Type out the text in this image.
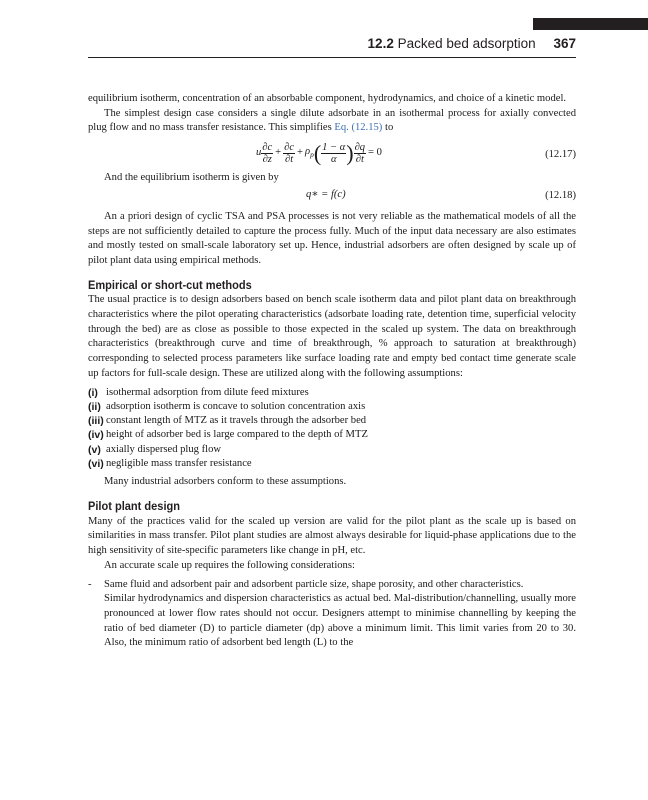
12.2 Packed bed adsorption 367

equilibrium isotherm, concentration of an absorbable component, hydrodynamics, and choice of a kinetic model.

The simplest design case considers a single dilute adsorbate in an isothermal process for axially convected plug flow and no mass transfer resistance. This simplifies Eq. (12.15) to

u $\frac{\partial c}{\partial z} + \frac{\partial c}{\partial t} + \rho_p( \frac{1 - \alpha}{\alpha}$ ) $\frac{\partial q}{\partial t} = 0$	(12.17)

And the equilibrium isotherm is given by

q∗ = f(c)	(12.18)

An a priori design of cyclic TSA and PSA processes is not very reliable as the mathematical models of all the steps are not sufficiently detailed to capture the process fully. Much of the input data necessary are also estimates and mostly tested on small-scale laboratory set up. Hence, industrial adsorbers are often designed by scale up of pilot plant data using empirical methods.

Empirical or short-cut methods

The usual practice is to design adsorbers based on bench scale isotherm data and pilot plant data on breakthrough characteristics where the pilot operating characteristics (adsorbate loading rate, detention time, superficial velocity through the bed) are as close as possible to those expected in the scaled up system. The data on breakthrough characteristics (breakthrough curve and time of breakthrough, % approach to saturation at breakthrough) corresponding to selected process parameters like surface loading rate and empty bed contact time generate scale up factors for full-scale design. These are utilized along with the following assumptions:

(i) isothermal adsorption from dilute feed mixtures
(ii) adsorption isotherm is concave to solution concentration axis
(iii) constant length of MTZ as it travels through the adsorber bed
(iv) height of adsorber bed is large compared to the depth of MTZ
(v) axially dispersed plug flow
(vi) negligible mass transfer resistance

Many industrial adsorbers conform to these assumptions.

Pilot plant design

Many of the practices valid for the scaled up version are valid for the pilot plant as the scale up is based on similarities in mass transfer. Pilot plant studies are almost always desirable for liquid-phase applications due to the high sensitivity of site-specific parameters like change in pH, etc.

An accurate scale up requires the following considerations:

-	Same fluid and adsorbent pair and adsorbent particle size, shape porosity, and other characteristics.

Similar hydrodynamics and dispersion characteristics as actual bed. Mal-distribution/channelling, usually more pronounced at lower flow rates should not occur. Designers attempt to minimise channelling by keeping the ratio of bed diameter (D) to particle diameter (dp) above a minimum limit. This limit varies from 20 to 30. Also, the minimum ratio of adsorbent bed length (L) to the
